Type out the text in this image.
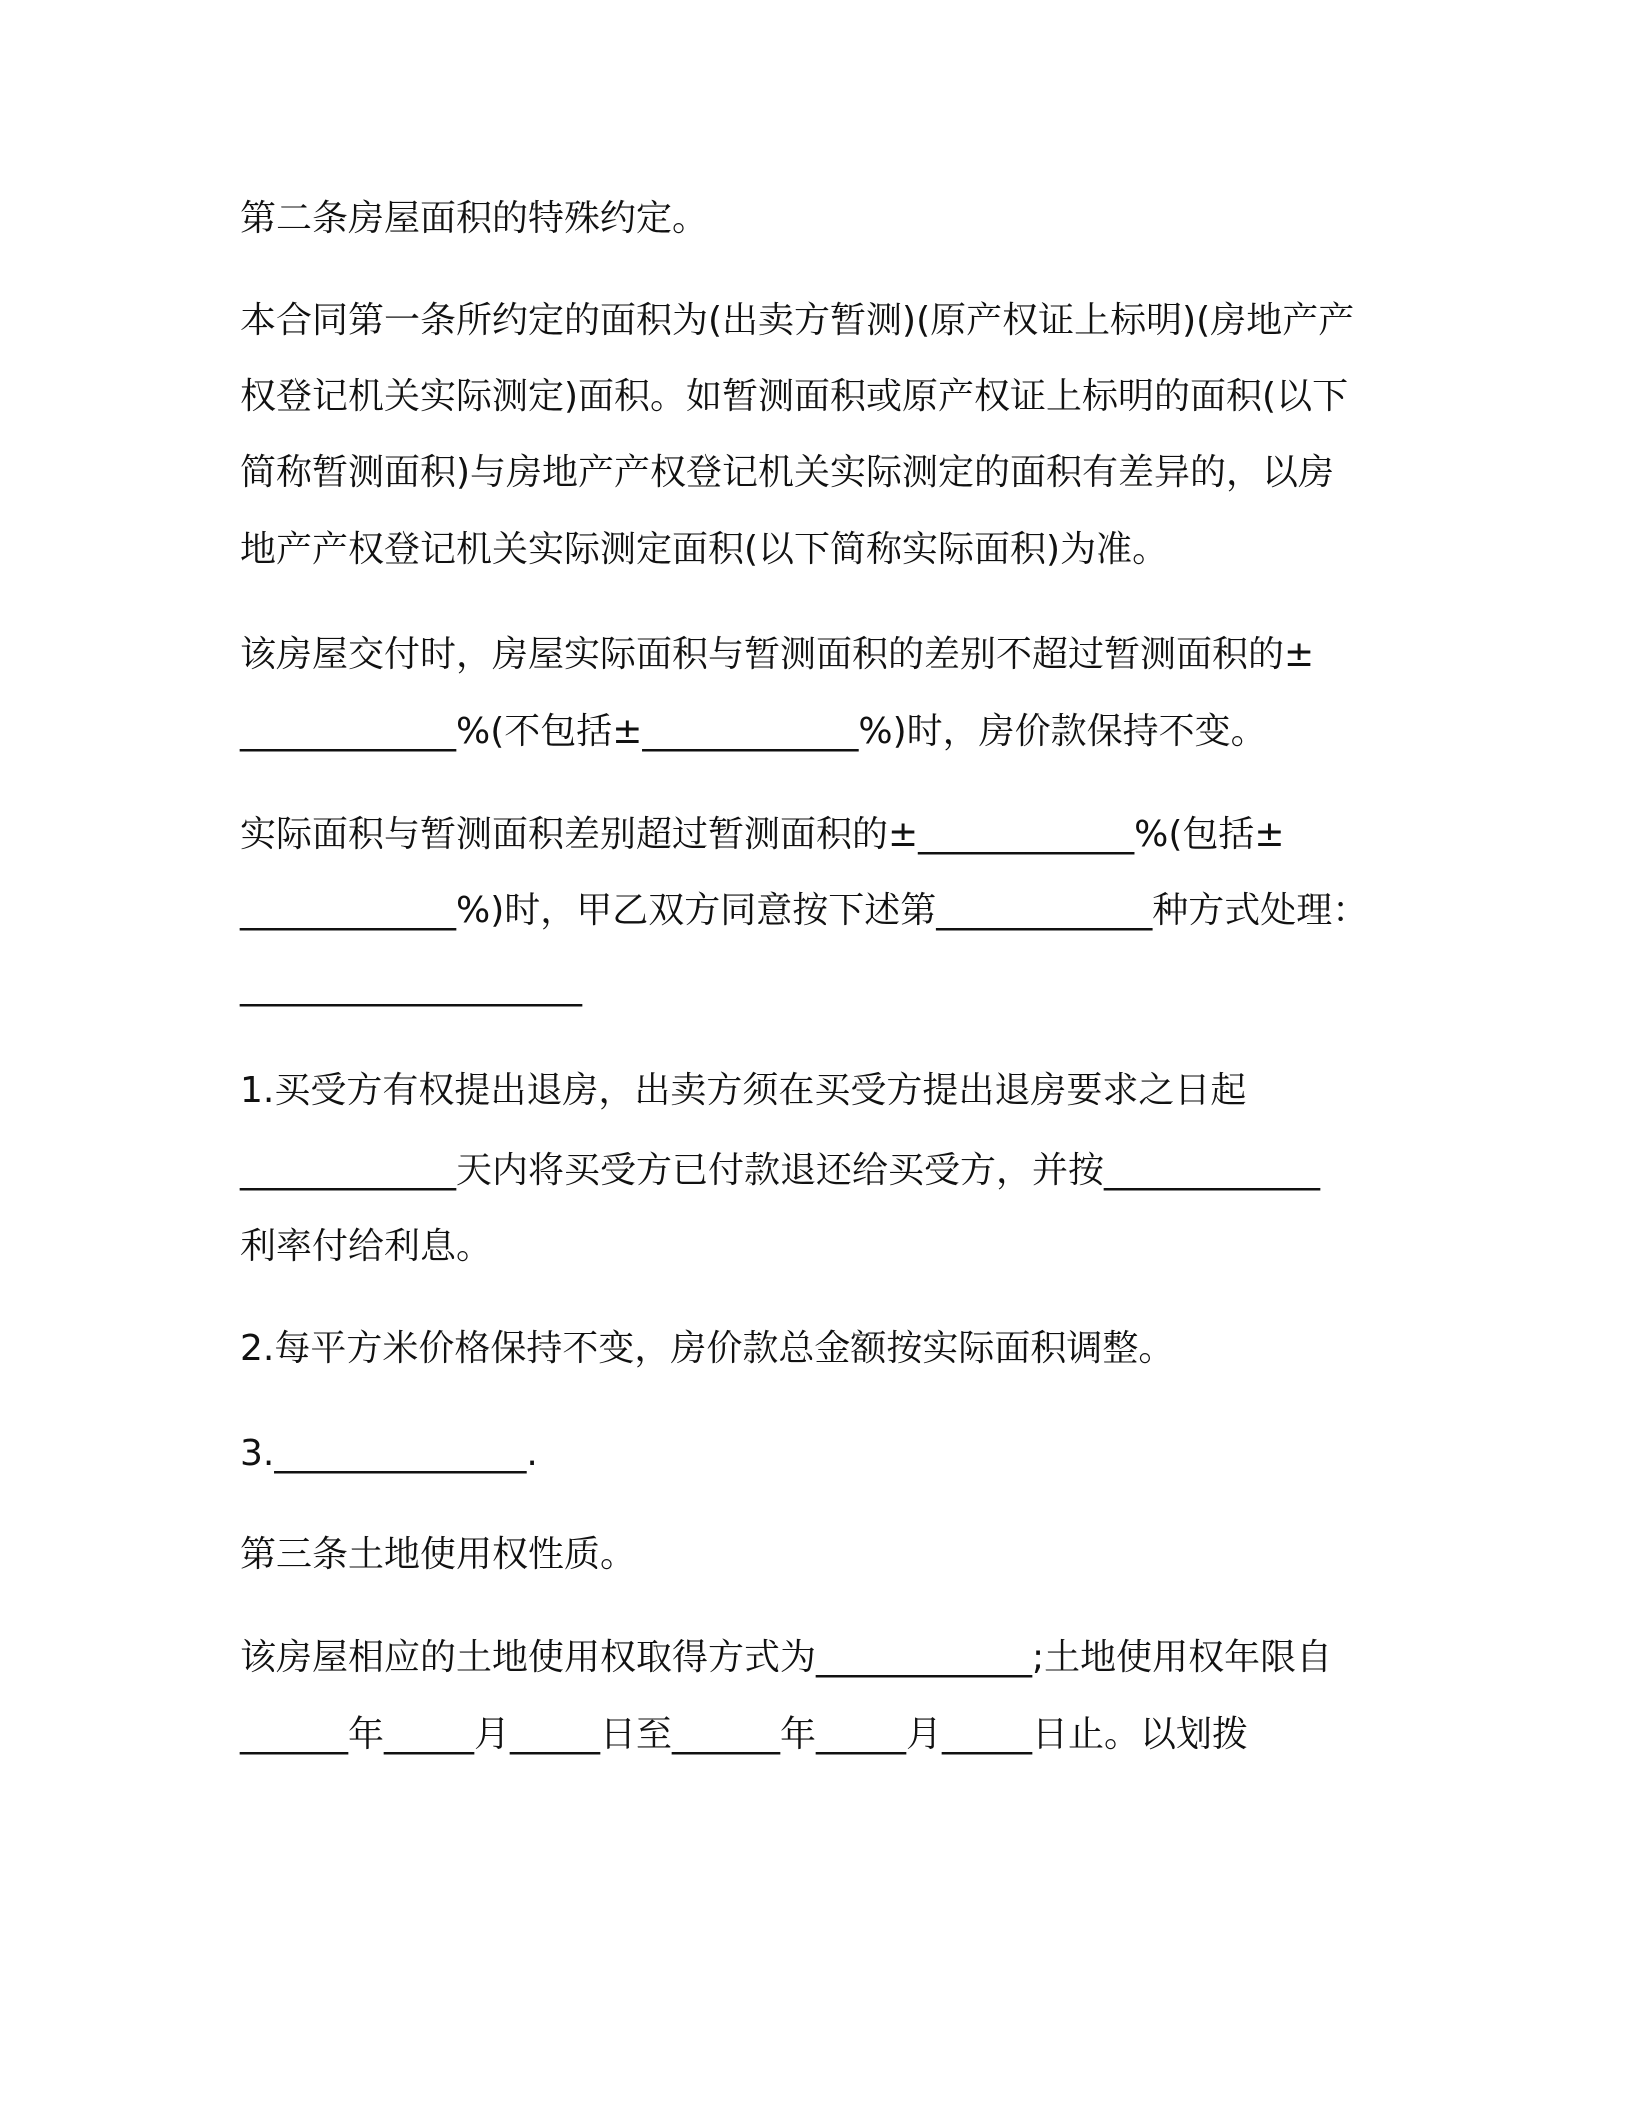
第二条房屋面积的特殊约定。
本合同第一条所约定的面积为(出卖方暂测)(原产权证上标明)(房地产产
权登记机关实际测定)面积。如暂测面积或原产权证上标明的面积(以下
简称暂测面积)与房地产产权登记机关实际测定的面积有差异的，以房
地产产权登记机关实际测定面积(以下简称实际面积)为准。
该房屋交付时，房屋实际面积与暂测面积的差别不超过暂测面积的±
____________%(不包括±____________%)时，房价款保持不变。
实际面积与暂测面积差别超过暂测面积的±____________%(包括±
____________%)时，甲乙双方同意按下述第____________种方式处理：
___________________
1.买受方有权提出退房，出卖方须在买受方提出退房要求之日起
____________天内将买受方已付款退还给买受方，并按____________
利率付给利息。
2.每平方米价格保持不变，房价款总金额按实际面积调整。
3.______________.
第三条土地使用权性质。
该房屋相应的土地使用权取得方式为____________;土地使用权年限自
______年_____月_____日至______年_____月_____日止。以划拨
